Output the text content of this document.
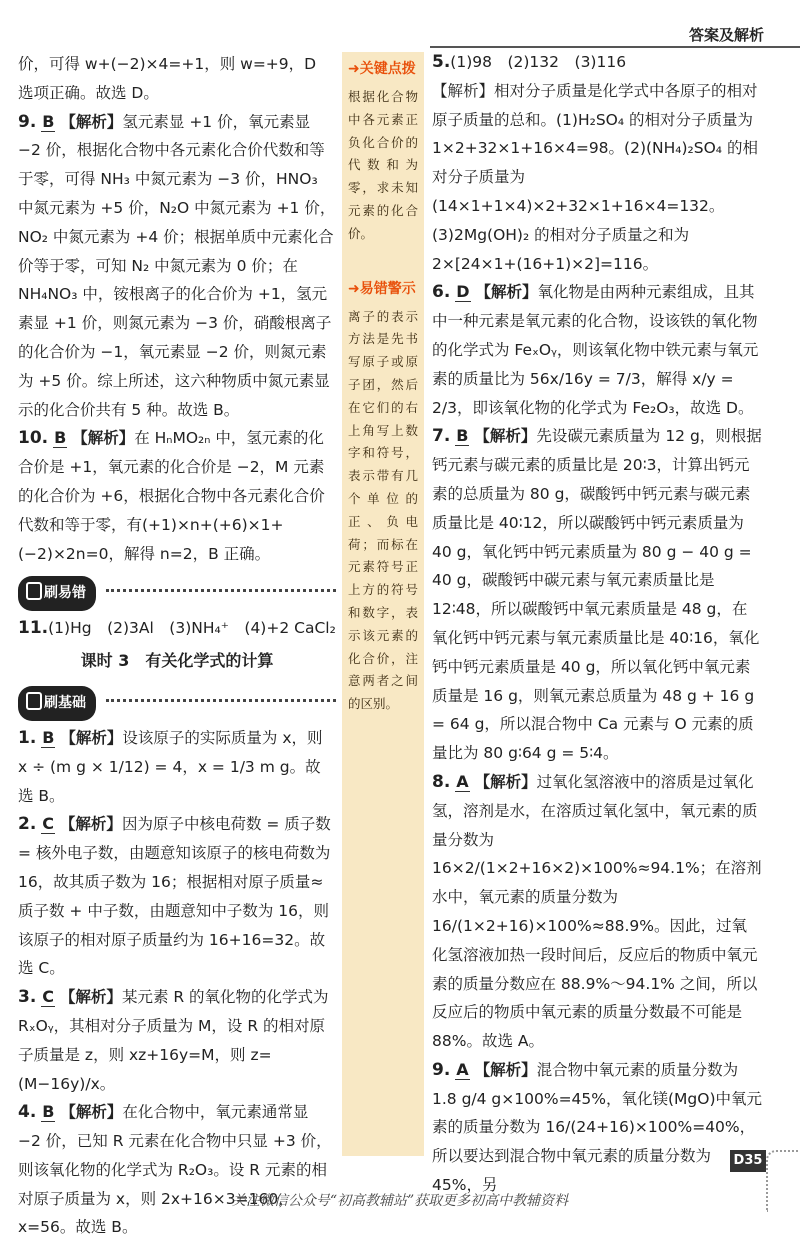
答案及解析

价，可得 w+(−2)×4=+1，则 w=+9，D 选项正确。故选 D。

9. B 【解析】氢元素显 +1 价，氧元素显 −2 价，根据化合物中各元素化合价代数和等于零，可得 NH₃ 中氮元素为 −3 价，HNO₃ 中氮元素为 +5 价，N₂O 中氮元素为 +1 价，NO₂ 中氮元素为 +4 价；根据单质中元素化合价等于零，可知 N₂ 中氮元素为 0 价；在 NH₄NO₃ 中，铵根离子的化合价为 +1，氢元素显 +1 价，则氮元素为 −3 价，硝酸根离子的化合价为 −1，氧元素显 −2 价，则氮元素为 +5 价。综上所述，这六种物质中氮元素显示的化合价共有 5 种。故选 B。

10. B 【解析】在 HₙMO₂ₙ 中，氢元素的化合价是 +1，氧元素的化合价是 −2，M 元素的化合价为 +6，根据化合物中各元素化合价代数和等于零，有(+1)×n+(+6)×1+(−2)×2n=0，解得 n=2，B 正确。

刷易错

11.(1)Hg　(2)3Al　(3)NH₄⁺　(4)+2 CaCl₂

课时 3　有关化学式的计算
刷基础

1. B 【解析】设该原子的实际质量为 x，则 x ÷ (m g × 1/12) = 4，x = 1/3 m g。故选 B。

2. C 【解析】因为原子中核电荷数 = 质子数 = 核外电子数，由题意知该原子的核电荷数为 16，故其质子数为 16；根据相对原子质量≈质子数 + 中子数，由题意知中子数为 16，则该原子的相对原子质量约为 16+16=32。故选 C。

3. C 【解析】某元素 R 的氧化物的化学式为 RₓOᵧ，其相对分子质量为 M，设 R 的相对原子质量是 z，则 xz+16y=M，则 z=(M−16y)/x。

4. B 【解析】在化合物中，氧元素通常显 −2 价，已知 R 元素在化合物中只显 +3 价，则该氧化物的化学式为 R₂O₃。设 R 元素的相对原子质量为 x，则 2x+16×3=160，x=56。故选 B。

➜关键点拨
根据化合物中各元素正负化合价的代数和为零，求未知元素的化合价。
➜易错警示
离子的表示方法是先书写原子或原子团，然后在它们的右上角写上数字和符号，表示带有几个单位的正、负电荷；而标在元素符号正上方的符号和数字，表示该元素的化合价，注意两者之间的区别。

5.(1)98　(2)132　(3)116

【解析】相对分子质量是化学式中各原子的相对原子质量的总和。(1)H₂SO₄ 的相对分子质量为 1×2+32×1+16×4=98。(2)(NH₄)₂SO₄ 的相对分子质量为(14×1+1×4)×2+32×1+16×4=132。(3)2Mg(OH)₂ 的相对分子质量之和为 2×[24×1+(16+1)×2]=116。

6. D 【解析】氧化物是由两种元素组成，且其中一种元素是氧元素的化合物，设该铁的氧化物的化学式为 FeₓOᵧ，则该氧化物中铁元素与氧元素的质量比为 56x/16y = 7/3，解得 x/y = 2/3，即该氧化物的化学式为 Fe₂O₃，故选 D。

7. B 【解析】先设碳元素质量为 12 g，则根据钙元素与碳元素的质量比是 20∶3，计算出钙元素的总质量为 80 g，碳酸钙中钙元素与碳元素质量比是 40∶12，所以碳酸钙中钙元素质量为 40 g，氧化钙中钙元素质量为 80 g − 40 g = 40 g，碳酸钙中碳元素与氧元素质量比是 12∶48，所以碳酸钙中氧元素质量是 48 g，在氧化钙中钙元素与氧元素质量比是 40∶16，氧化钙中钙元素质量是 40 g，所以氧化钙中氧元素质量是 16 g，则氧元素总质量为 48 g + 16 g = 64 g，所以混合物中 Ca 元素与 O 元素的质量比为 80 g∶64 g = 5∶4。

8. A 【解析】过氧化氢溶液中的溶质是过氧化氢，溶剂是水，在溶质过氧化氢中，氧元素的质量分数为 16×2/(1×2+16×2)×100%≈94.1%；在溶剂水中，氧元素的质量分数为 16/(1×2+16)×100%≈88.9%。因此，过氧化氢溶液加热一段时间后，反应后的物质中氧元素的质量分数应在 88.9%～94.1% 之间，所以反应后的物质中氧元素的质量分数最不可能是 88%。故选 A。

9. A 【解析】混合物中氧元素的质量分数为 1.8 g/4 g×100%=45%，氧化镁(MgO)中氧元素的质量分数为 16/(24+16)×100%=40%，所以要达到混合物中氧元素的质量分数为 45%，另

D35
关注微信公众号“初高教辅站”获取更多初高中教辅资料
